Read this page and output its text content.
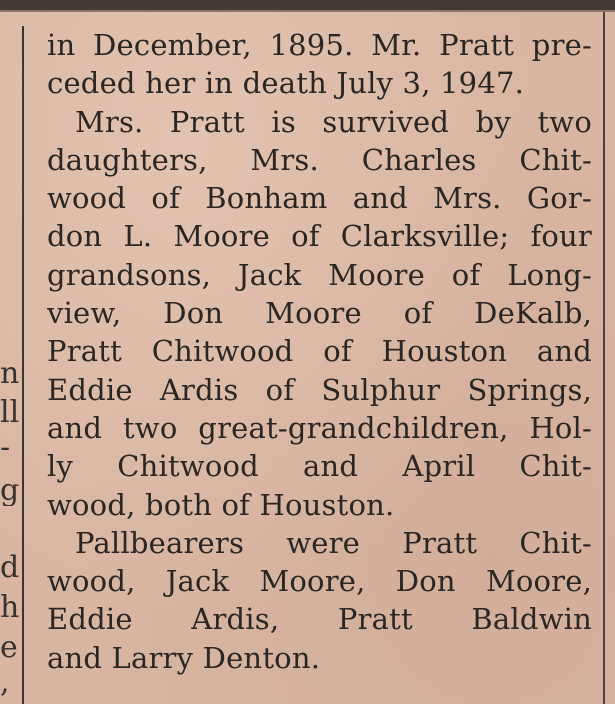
n
ll
-
g
d
h
e
,
in December, 1895. Mr. Pratt pre-
ceded her in death July 3, 1947.
Mrs. Pratt is survived by two
daughters, Mrs. Charles Chit-
wood of Bonham and Mrs. Gor-
don L. Moore of Clarksville; four
grandsons, Jack Moore of Long-
view, Don Moore of DeKalb,
Pratt Chitwood of Houston and
Eddie Ardis of Sulphur Springs,
and two great-grandchildren, Hol-
ly Chitwood and April Chit-
wood, both of Houston.
Pallbearers were Pratt Chit-
wood, Jack Moore, Don Moore,
Eddie Ardis, Pratt Baldwin
and Larry Denton.
